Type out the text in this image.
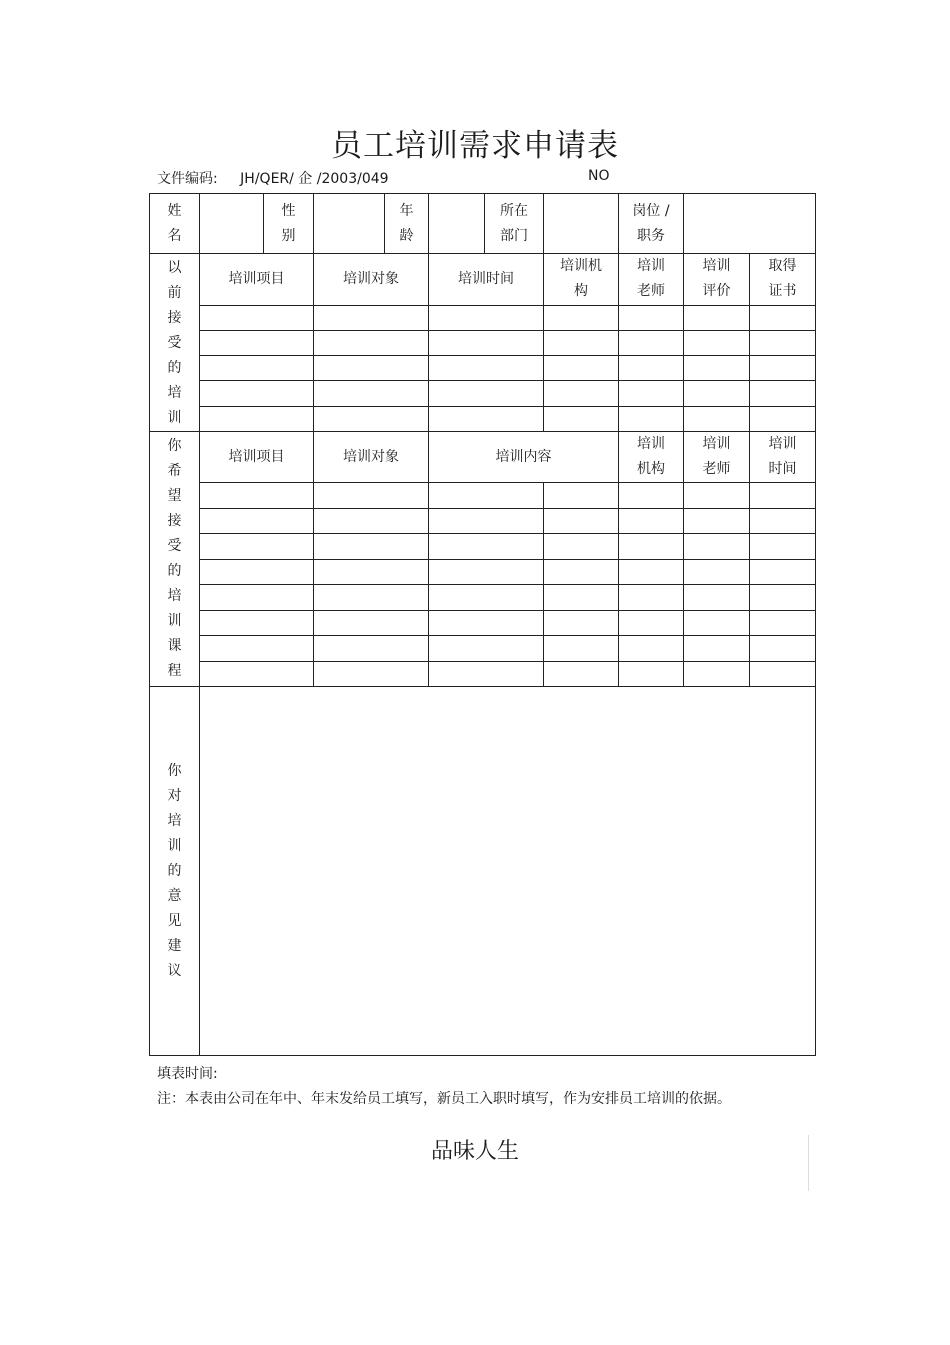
员工培训需求申请表
文件编码: JH/QER/ 企 /2003/049	NO
姓名		性别		年龄		所在部门		岗位 / 职务		
以前接受的培训	培训项目		培训对象		培训时间		培训机构	培训老师	培训评价	取得证书

你希望接受的培训课程	培训项目		培训对象		培训内容			培训机构	培训老师	培训时间

你对培训的意见建议										
填表时间:
注：本表由公司在年中、年末发给员工填写，新员工入职时填写，作为安排员工培训的依据。
品味人生
